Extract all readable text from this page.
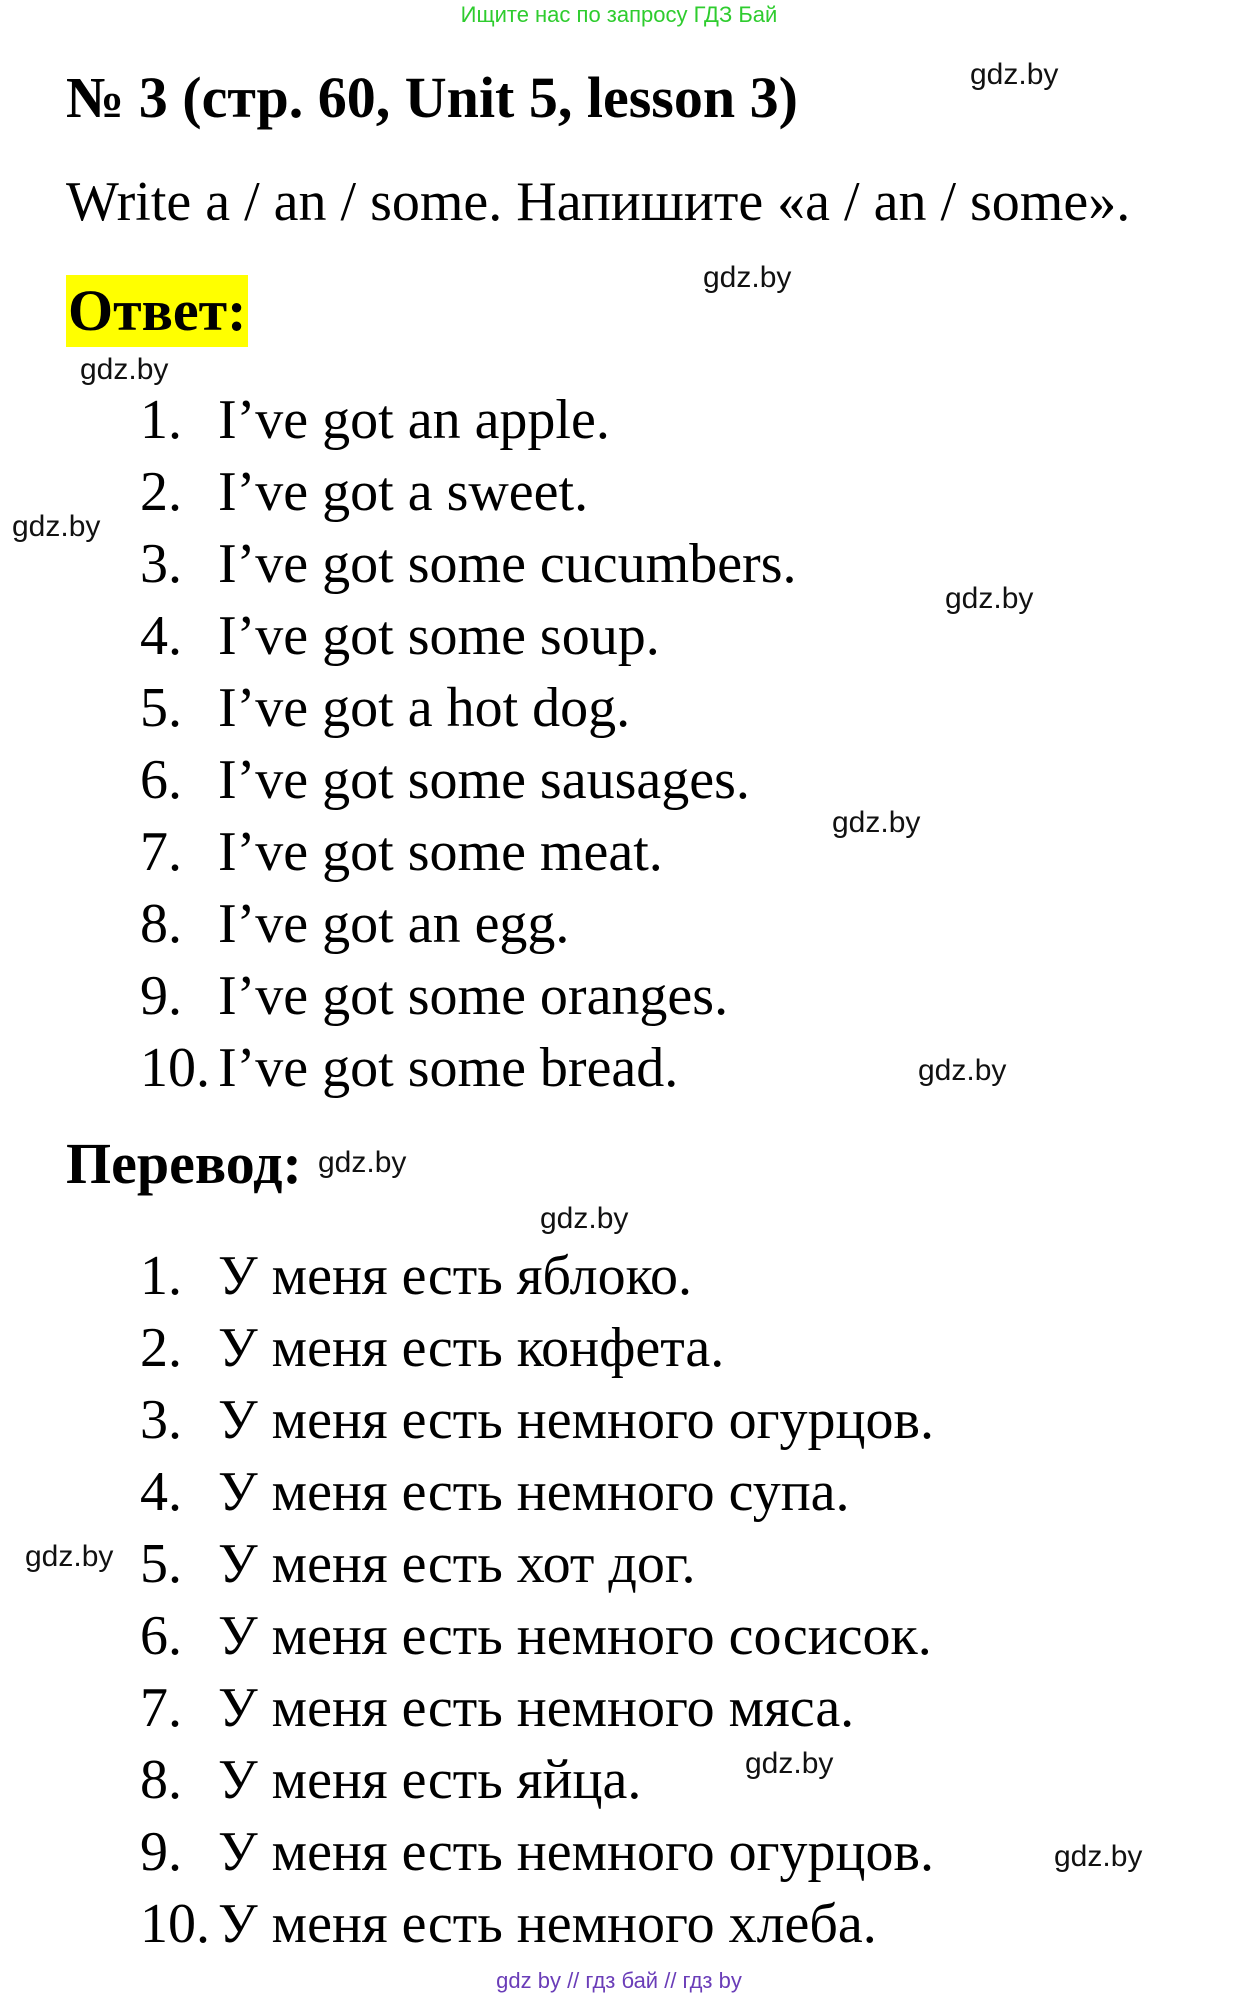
Ищите нас по запросу ГДЗ Бай
№ 3 (стр. 60, Unit 5, lesson 3)
Write a / an / some. Напишите «a / an / some».
Ответ:
1. I’ve got an apple.
2. I’ve got a sweet.
3. I’ve got some cucumbers.
4. I’ve got some soup.
5. I’ve got a hot dog.
6. I’ve got some sausages.
7. I’ve got some meat.
8. I’ve got an egg.
9. I’ve got some oranges.
10. I’ve got some bread.
Перевод:
1. У меня есть яблоко.
2. У меня есть конфета.
3. У меня есть немного огурцов.
4. У меня есть немного супа.
5. У меня есть хот дог.
6. У меня есть немного сосисок.
7. У меня есть немного мяса.
8. У меня есть яйца.
9. У меня есть немного огурцов.
10. У меня есть немного хлеба.
gdz.by
gdz.by
gdz.by
gdz.by
gdz.by
gdz.by
gdz.by
gdz.by
gdz.by
gdz.by
gdz.by
gdz.by
gdz by // гдз бай // гдз by
